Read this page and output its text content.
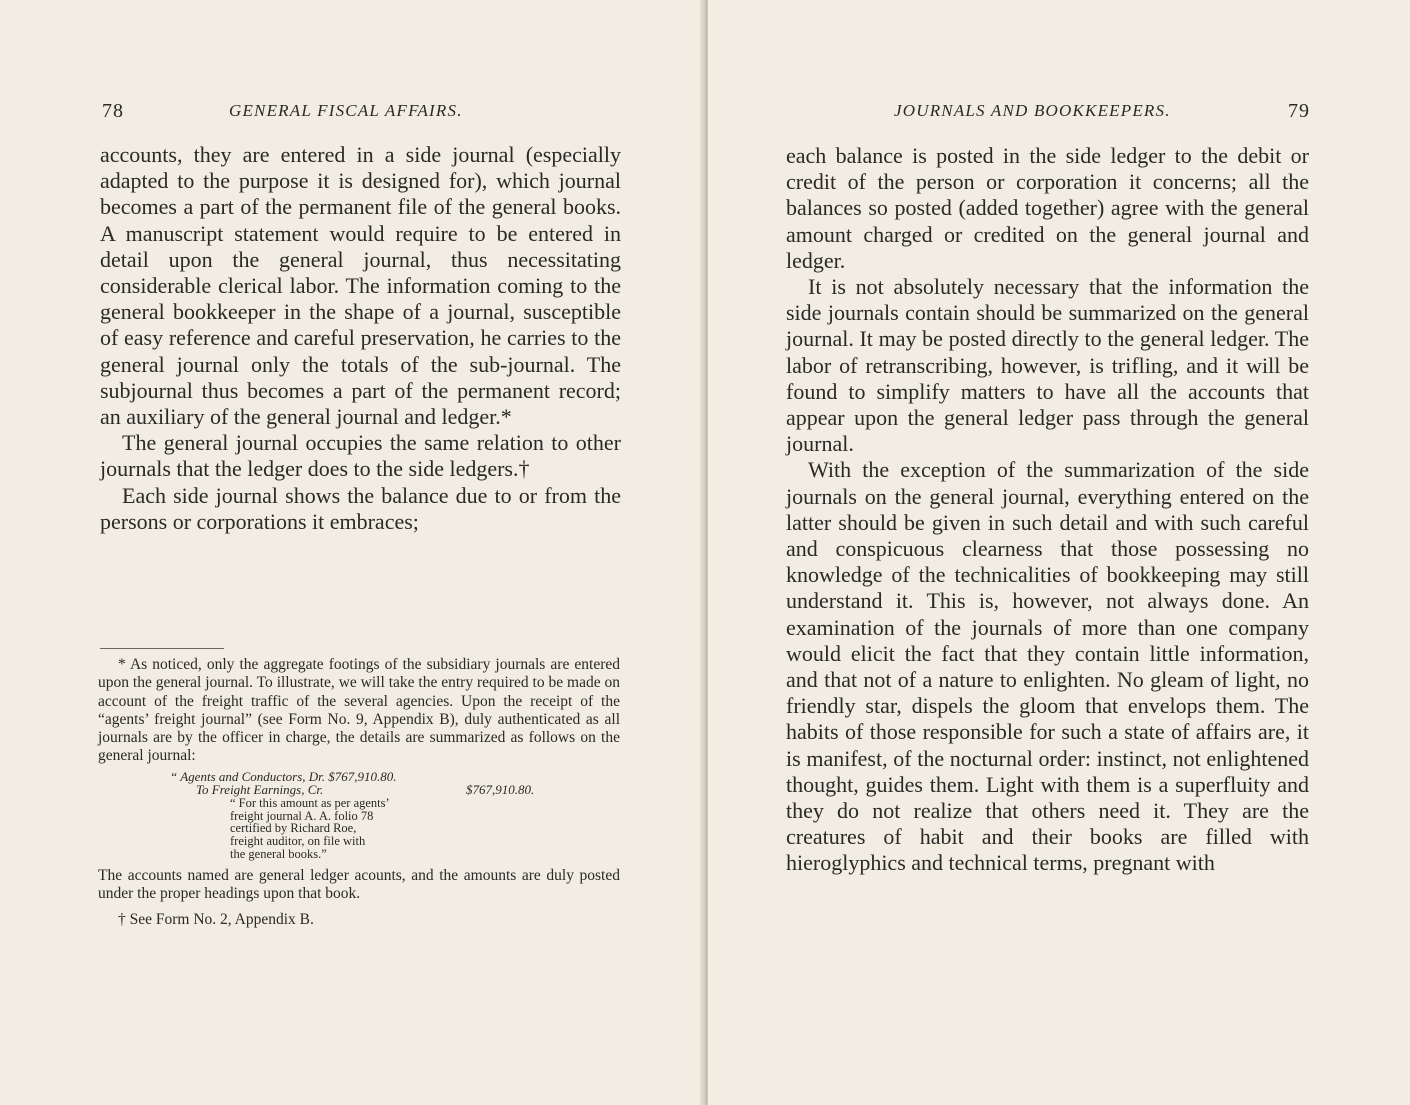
78	GENERAL FISCAL AFFAIRS.

accounts, they are entered in a side journal (especially adapted to the purpose it is designed for), which journal becomes a part of the permanent file of the general books. A manuscript statement would require to be entered in detail upon the general journal, thus necessitating considerable clerical labor. The information coming to the general bookkeeper in the shape of a journal, susceptible of easy reference and careful preservation, he carries to the general journal only the totals of the sub-journal. The subjournal thus becomes a part of the permanent record; an auxiliary of the general journal and ledger.*

The general journal occupies the same relation to other journals that the ledger does to the side ledgers.†

Each side journal shows the balance due to or from the persons or corporations it embraces;

* As noticed, only the aggregate footings of the subsidiary journals are entered upon the general journal. To illustrate, we will take the entry required to be made on account of the freight traffic of the several agencies. Upon the receipt of the “agents’ freight journal” (see Form No. 9, Appendix B), duly authenticated as all journals are by the officer in charge, the details are summarized as follows on the general journal:

“ Agents and Conductors, Dr. $767,910.80.
To Freight Earnings, Cr.	$767,910.80.
“ For this amount as per agents’
freight journal A. A. folio 78
certified by Richard Roe,
freight auditor, on file with
the general books.”

The accounts named are general ledger acounts, and the amounts are duly posted under the proper headings upon that book.

† See Form No. 2, Appendix B.

JOURNALS AND BOOKKEEPERS.	79

each balance is posted in the side ledger to the debit or credit of the person or corporation it concerns; all the balances so posted (added together) agree with the general amount charged or credited on the general journal and ledger.

It is not absolutely necessary that the information the side journals contain should be summarized on the general journal. It may be posted directly to the general ledger. The labor of retranscribing, however, is trifling, and it will be found to simplify matters to have all the accounts that appear upon the general ledger pass through the general journal.

With the exception of the summarization of the side journals on the general journal, everything entered on the latter should be given in such detail and with such careful and conspicuous clearness that those possessing no knowledge of the technicalities of bookkeeping may still understand it. This is, however, not always done. An examination of the journals of more than one company would elicit the fact that they contain little information, and that not of a nature to enlighten. No gleam of light, no friendly star, dispels the gloom that envelops them. The habits of those responsible for such a state of affairs are, it is manifest, of the nocturnal order: instinct, not enlightened thought, guides them. Light with them is a superfluity and they do not realize that others need it. They are the creatures of habit and their books are filled with hieroglyphics and technical terms, pregnant with
